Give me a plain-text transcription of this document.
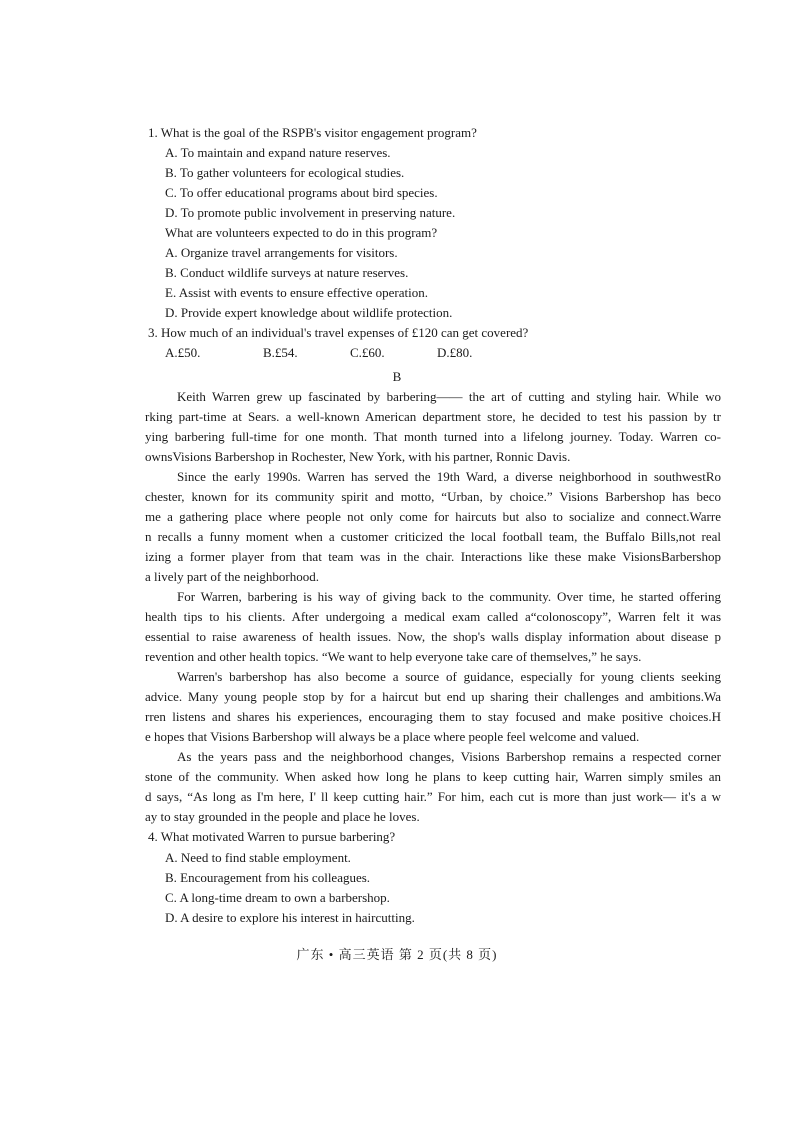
1. What is the goal of the RSPB's visitor engagement program?
A. To maintain and expand nature reserves.
B. To gather volunteers for ecological studies.
C. To offer educational programs about bird species.
D. To promote public involvement in preserving nature.
What are volunteers expected to do in this program?
A. Organize travel arrangements for visitors.
B. Conduct wildlife surveys at nature reserves.
E. Assist with events to ensure effective operation.
D. Provide expert knowledge about wildlife protection.
3. How much of an individual's travel expenses of £120 can get covered?
A.£50.	B.£54.	C.£60.	D.£80.
B
Keith Warren grew up fascinated by barbering—— the art of cutting and styling hair. While wo
rking part-time at Sears. a well-known American department store, he decided to test his passion by tr
ying barbering full-time for one month. That month turned into a lifelong journey. Today. Warren co-
ownsVisions Barbershop in Rochester, New York, with his partner, Ronnic Davis.
Since the early 1990s. Warren has served the 19th Ward, a diverse neighborhood in southwestRo
chester, known for its community spirit and motto, “Urban, by choice.” Visions Barbershop has beco
me a gathering place where people not only come for haircuts but also to socialize and connect.Warre
n recalls a funny moment when a customer criticized the local football team, the Buffalo Bills,not real
izing a former player from that team was in the chair. Interactions like these make VisionsBarbershop
a lively part of the neighborhood.
For Warren, barbering is his way of giving back to the community. Over time, he started offering
health tips to his clients. After undergoing a medical exam called a“colonoscopy”, Warren felt it was
essential to raise awareness of health issues. Now, the shop's walls display information about disease p
revention and other health topics. “We want to help everyone take care of themselves,” he says.
Warren's barbershop has also become a source of guidance, especially for young clients seeking
advice. Many young people stop by for a haircut but end up sharing their challenges and ambitions.Wa
rren listens and shares his experiences, encouraging them to stay focused and make positive choices.H
e hopes that Visions Barbershop will always be a place where people feel welcome and valued.
As the years pass and the neighborhood changes, Visions Barbershop remains a respected corner
stone of the community. When asked how long he plans to keep cutting hair, Warren simply smiles an
d says, “As long as I'm here, I' ll keep cutting hair.” For him, each cut is more than just work— it's a w
ay to stay grounded in the people and place he loves.
4. What motivated Warren to pursue barbering?
A. Need to find stable employment.
B. Encouragement from his colleagues.
C. A long-time dream to own a barbershop.
D. A desire to explore his interest in haircutting.
广东 • 高三英语 第 2 页(共 8 页)
